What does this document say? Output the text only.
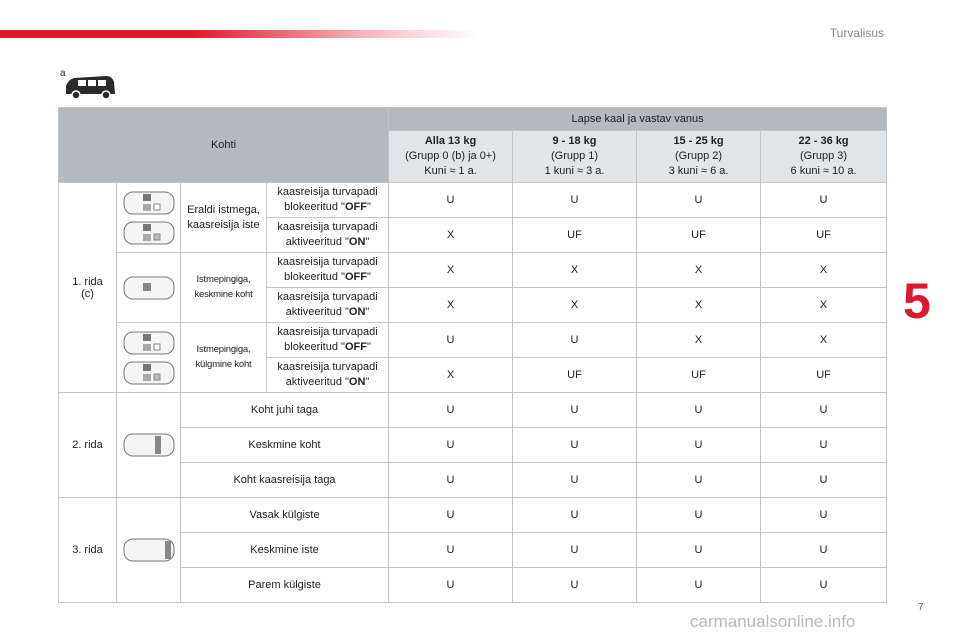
Turvalisus
5
7
carmanualsonline.info
a
Kohti				Lapse kaal ja vastav vanus			
				Alla 13 kg
(Grupp 0 (b) ja 0+)
Kuni ≈ 1 a.	9 - 18 kg
(Grupp 1)
1 kuni ≈ 3 a.	15 - 25 kg
(Grupp 2)
3 kuni ≈ 6 a.	22 - 36 kg
(Grupp 3)
6 kuni ≈ 10 a.
1. rida
(c)		Eraldi istmega, kaasreisija iste	kaasreisija turvapadi
blokeeritud "OFF"	U	U	U	U
			kaasreisija turvapadi
aktiveeritud "ON"	X	UF	UF	UF

	Istmepingiga, keskmine koht	kaasreisija turvapadi
blokeeritud "OFF"	X	X	X	X
			kaasreisija turvapadi
aktiveeritud "ON"	X	X	X	X

	Istmepingiga, külgmine koht	kaasreisija turvapadi
blokeeritud "OFF"	U	U	X	X
			kaasreisija turvapadi
aktiveeritud "ON"	X	UF	UF	UF
2. rida		Koht juhi taga		U	U	U	U
		Keskmine koht		U	U	U	U
		Koht kaasreisija taga		U	U	U	U
3. rida		Vasak külgiste		U	U	U	U
		Keskmine iste		U	U	U	U
		Parem külgiste		U	U	U	U
